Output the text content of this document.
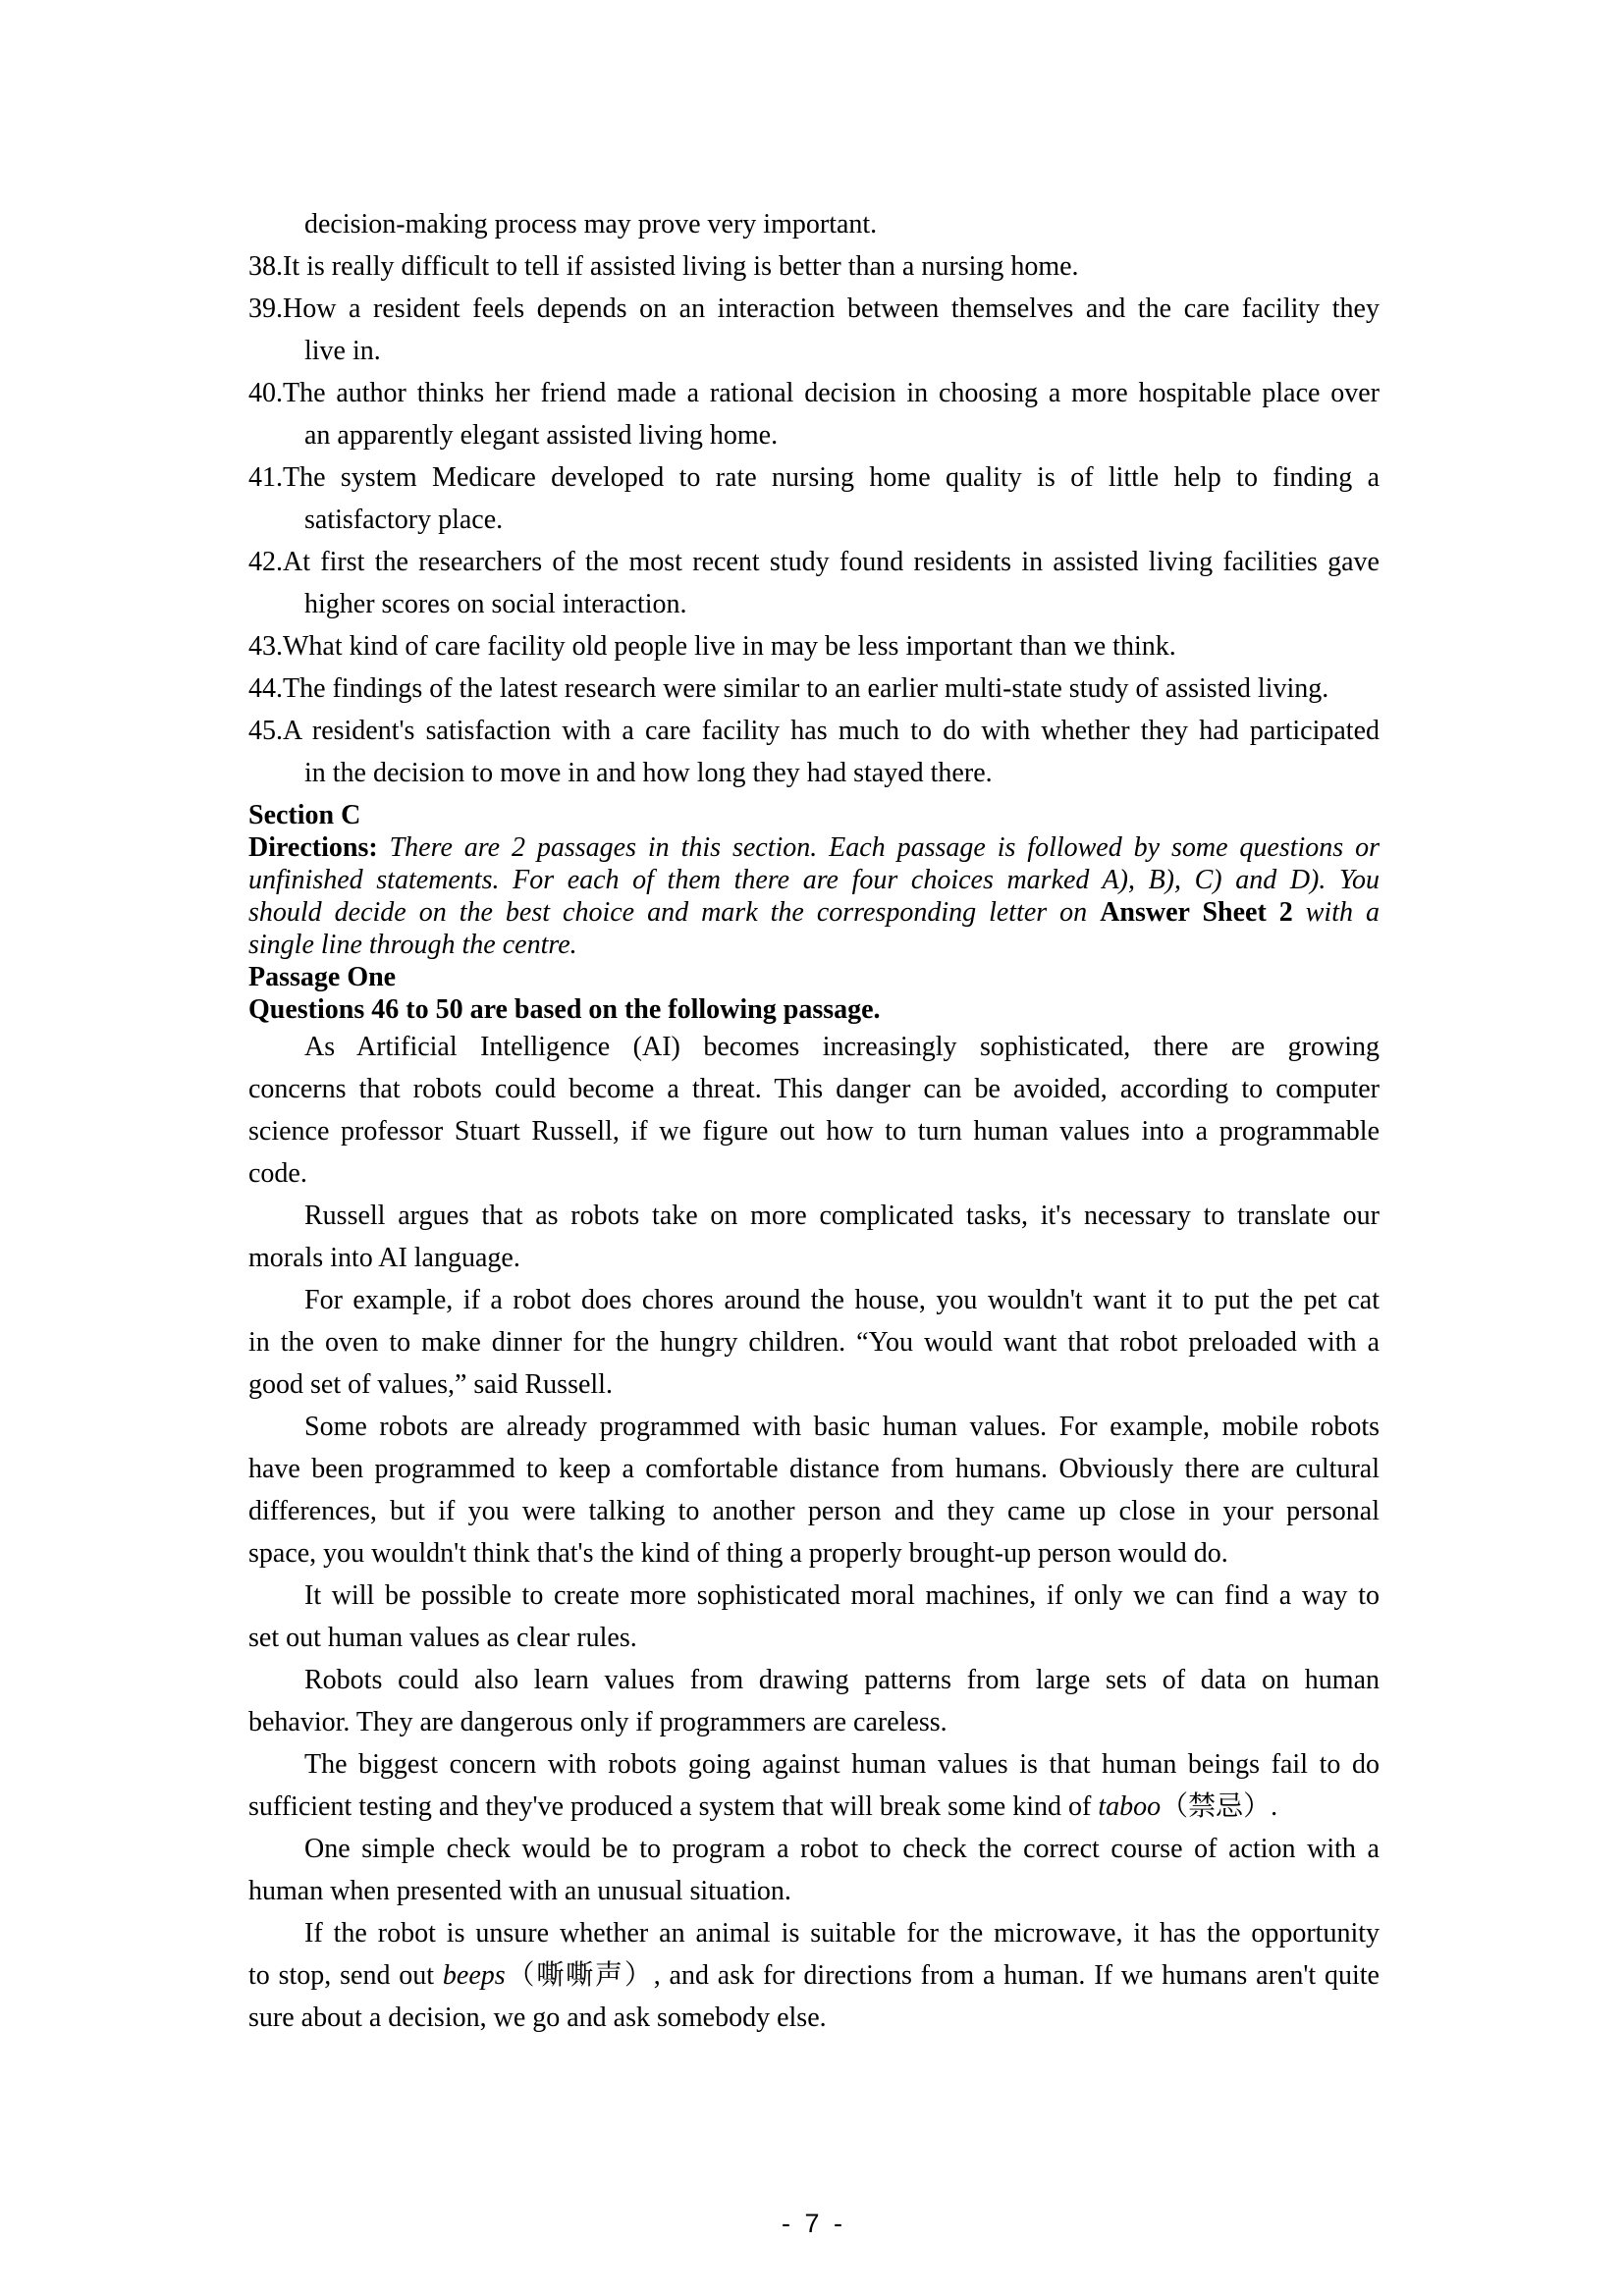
decision-making process may prove very important.
38.It is really difficult to tell if assisted living is better than a nursing home.
39.How a resident feels depends on an interaction between themselves and the care facility they
live in.
40.The author thinks her friend made a rational decision in choosing a more hospitable place over
an apparently elegant assisted living home.
41.The system Medicare developed to rate nursing home quality is of little help to finding a
satisfactory place.
42.At first the researchers of the most recent study found residents in assisted living facilities gave
higher scores on social interaction.
43.What kind of care facility old people live in may be less important than we think.
44.The findings of the latest research were similar to an earlier multi-state study of assisted living.
45.A resident's satisfaction with a care facility has much to do with whether they had participated
in the decision to move in and how long they had stayed there.
Section C
Directions: There are 2 passages in this section. Each passage is followed by some questions or
unfinished statements. For each of them there are four choices marked A), B), C) and D). You
should decide on the best choice and mark the corresponding letter on Answer Sheet 2 with a
single line through the centre.
Passage One
Questions 46 to 50 are based on the following passage.
As Artificial Intelligence (AI) becomes increasingly sophisticated, there are growing
concerns that robots could become a threat. This danger can be avoided, according to computer
science professor Stuart Russell, if we figure out how to turn human values into a programmable
code.
Russell argues that as robots take on more complicated tasks, it's necessary to translate our
morals into AI language.
For example, if a robot does chores around the house, you wouldn't want it to put the pet cat
in the oven to make dinner for the hungry children. “You would want that robot preloaded with a
good set of values,” said Russell.
Some robots are already programmed with basic human values. For example, mobile robots
have been programmed to keep a comfortable distance from humans. Obviously there are cultural
differences, but if you were talking to another person and they came up close in your personal
space, you wouldn't think that's the kind of thing a properly brought-up person would do.
It will be possible to create more sophisticated moral machines, if only we can find a way to
set out human values as clear rules.
Robots could also learn values from drawing patterns from large sets of data on human
behavior. They are dangerous only if programmers are careless.
The biggest concern with robots going against human values is that human beings fail to do
sufficient testing and they've produced a system that will break some kind of taboo（禁忌）.
One simple check would be to program a robot to check the correct course of action with a
human when presented with an unusual situation.
If the robot is unsure whether an animal is suitable for the microwave, it has the opportunity
to stop, send out beeps（嘶嘶声）, and ask for directions from a human. If we humans aren't quite
sure about a decision, we go and ask somebody else.
- 7 -
